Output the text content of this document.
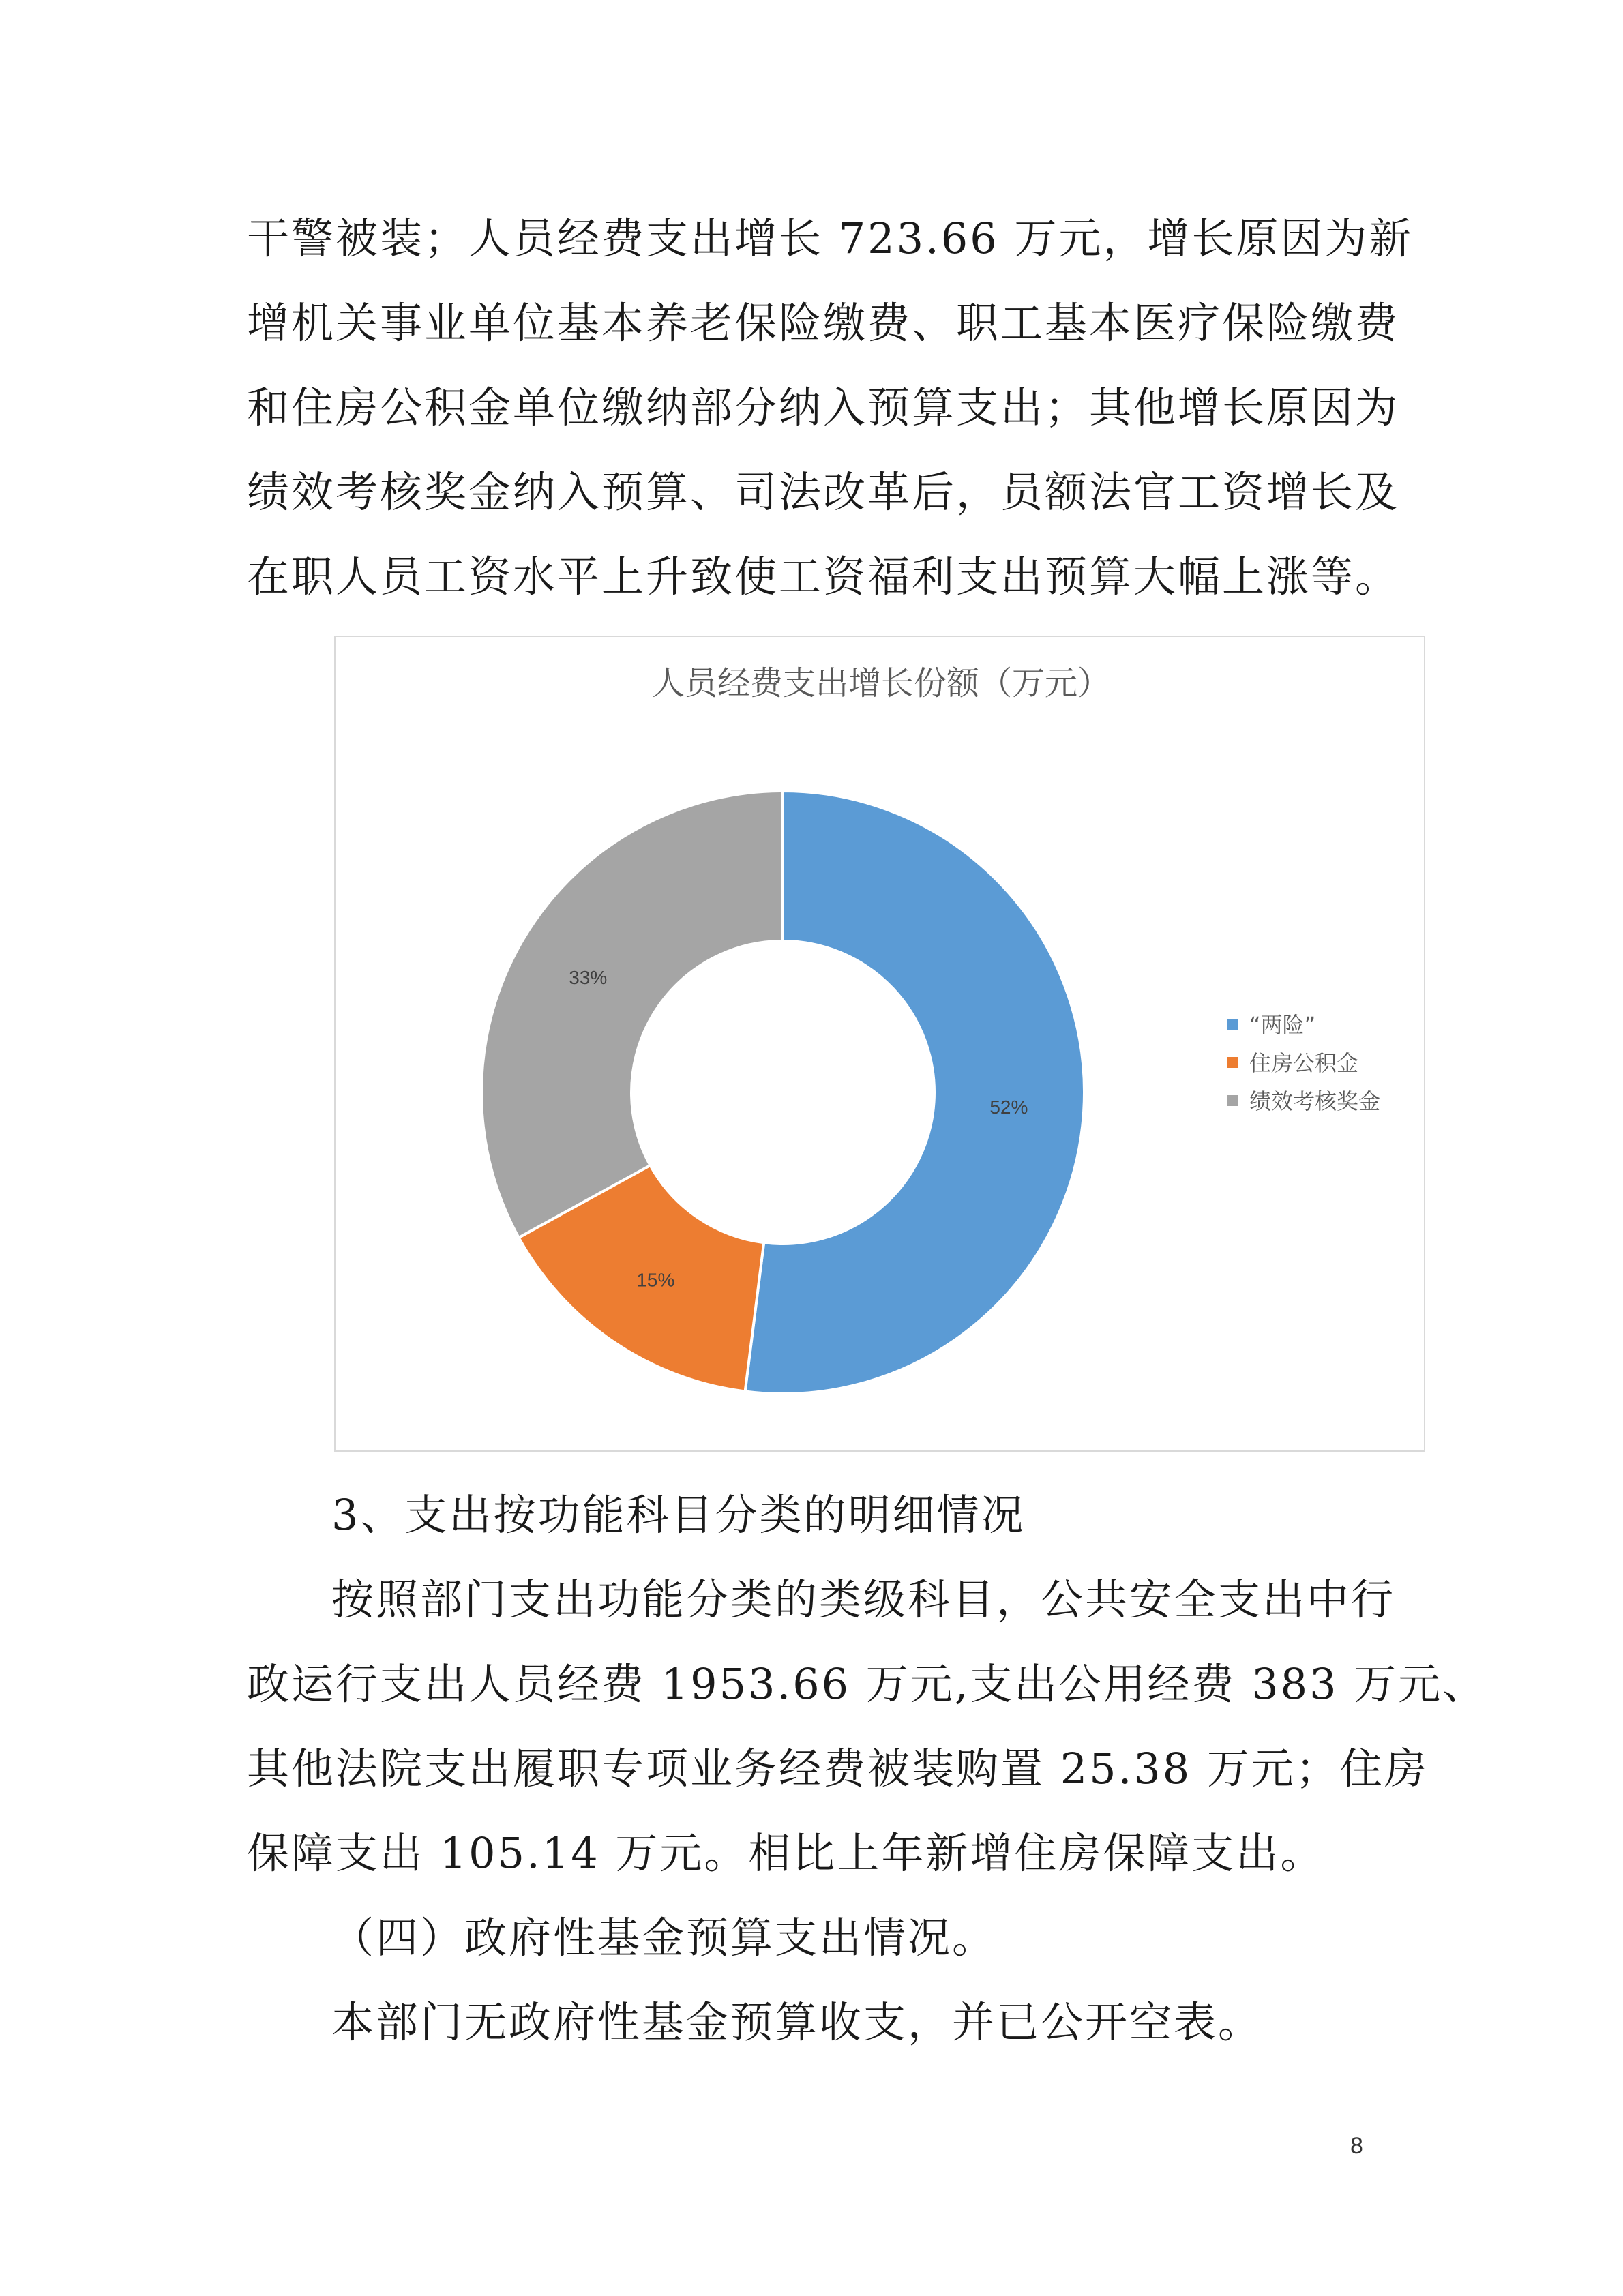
干警被装；人员经费支出增长 723.66 万元，增长原因为新
增机关事业单位基本养老保险缴费、职工基本医疗保险缴费
和住房公积金单位缴纳部分纳入预算支出；其他增长原因为
绩效考核奖金纳入预算、司法改革后，员额法官工资增长及
在职人员工资水平上升致使工资福利支出预算大幅上涨等。
人员经费支出增长份额（万元）
52%
15%
33%
“两险”
住房公积金
绩效考核奖金
3、支出按功能科目分类的明细情况
按照部门支出功能分类的类级科目，公共安全支出中行
政运行支出人员经费 1953.66 万元,支出公用经费 383 万元、
其他法院支出履职专项业务经费被装购置 25.38 万元；住房
保障支出 105.14 万元。相比上年新增住房保障支出。
（四）政府性基金预算支出情况。
本部门无政府性基金预算收支，并已公开空表。
8
